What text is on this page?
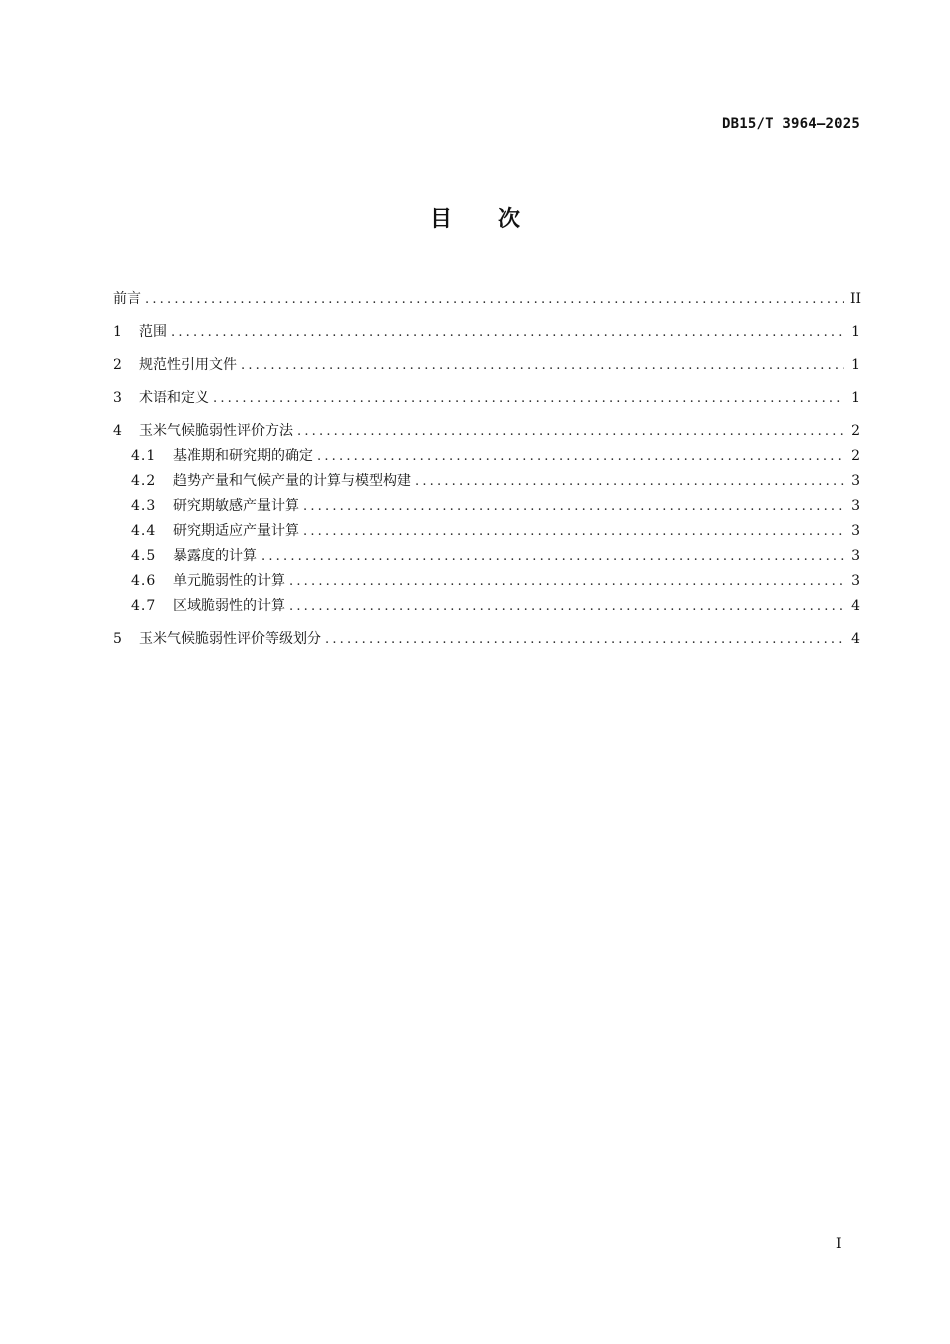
DB15/T 3964—2025
目 次
前言 .....	II
1	范围 .....	1
2	规范性引用文件 .....	1
3	术语和定义 .....	1
4	玉米气候脆弱性评价方法 .....	2
4.1	基准期和研究期的确定 .....	2
4.2	趋势产量和气候产量的计算与模型构建 .....	3
4.3	研究期敏感产量计算 .....	3
4.4	研究期适应产量计算 .....	3
4.5	暴露度的计算 .....	3
4.6	单元脆弱性的计算 .....	3
4.7	区域脆弱性的计算 .....	4
5	玉米气候脆弱性评价等级划分 .....	4
I
